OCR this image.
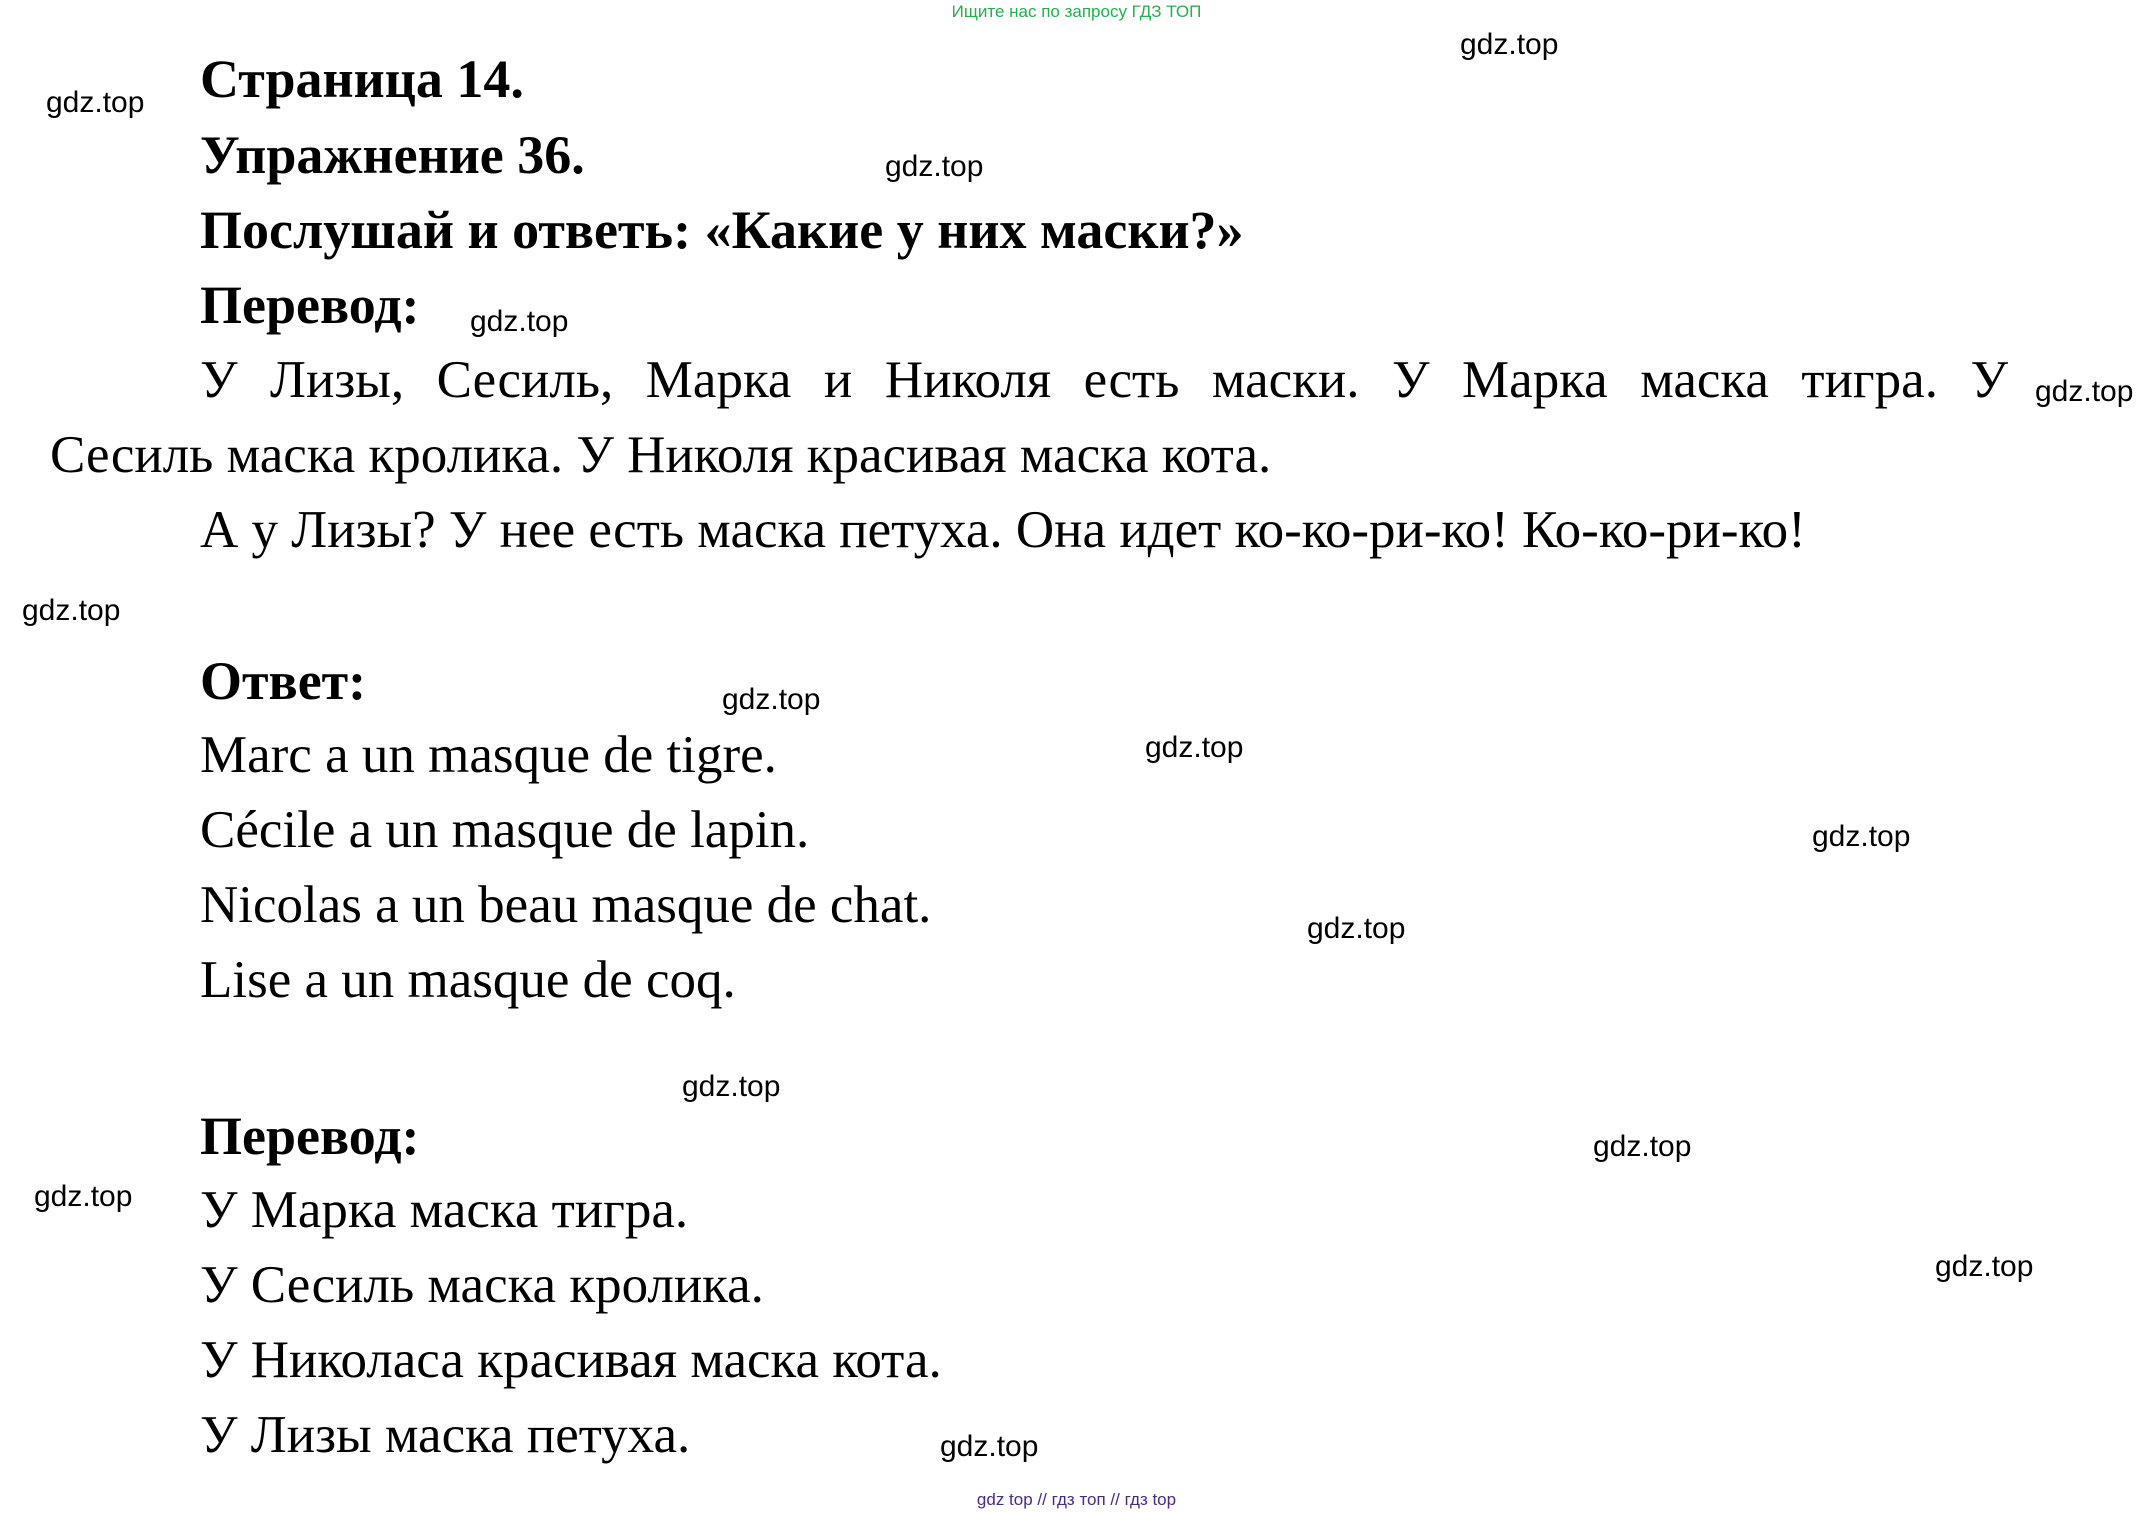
Ищите нас по запросу ГДЗ ТОП
gdz.top
gdz.top
gdz.top
gdz.top
gdz.top
gdz.top
gdz.top
gdz.top
gdz.top
gdz.top
gdz.top
gdz.top
gdz.top
gdz.top
gdz.top
Страница 14.
Упражнение 36.
Послушай и ответь: «Какие у них маски?»
Перевод:
У Лизы, Сесиль, Марка и Николя есть маски. У Марка маска тигра. У
Сесиль маска кролика. У Николя красивая маска кота.
А у Лизы? У нее есть маска петуха. Она идет ко-ко-ри-ко! Ко-ко-ри-ко!
Ответ:
Marc a un masque de tigre.
Cécile a un masque de lapin.
Nicolas a un beau masque de chat.
Lise a un masque de coq.
Перевод:
У Марка маска тигра.
У Сесиль маска кролика.
У Николаса красивая маска кота.
У Лизы маска петуха.
gdz top // гдз топ // гдз top
